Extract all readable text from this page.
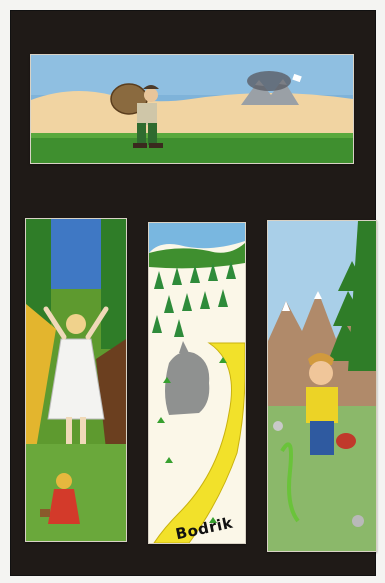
Bodrik
